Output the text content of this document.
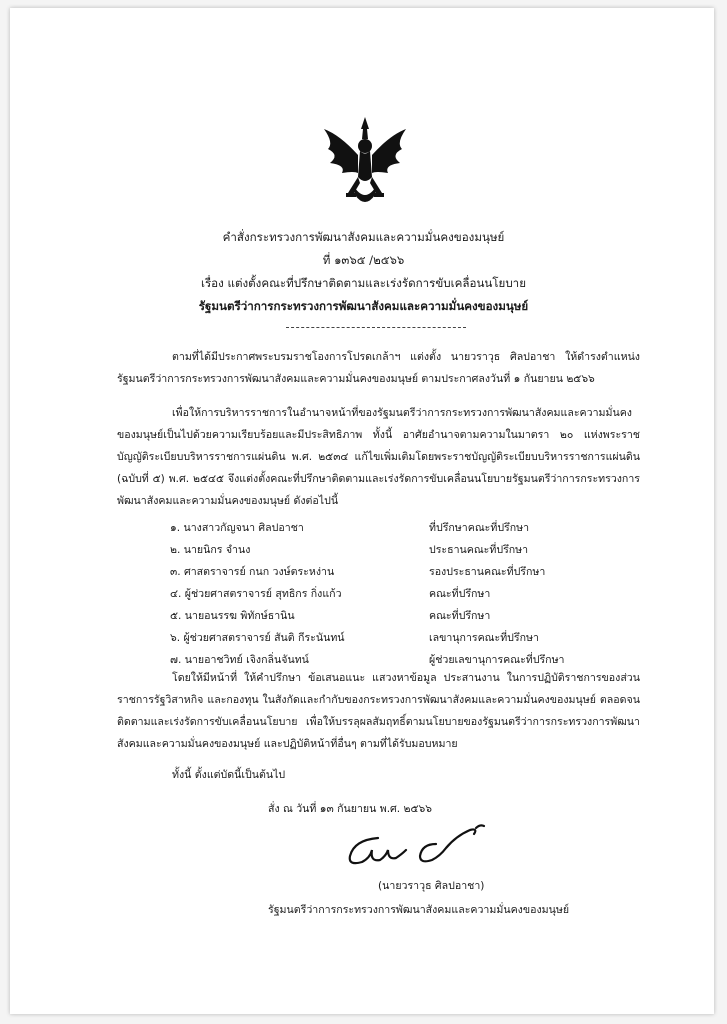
คำสั่งกระทรวงการพัฒนาสังคมและความมั่นคงของมนุษย์
ที่ ๑๓๖๕ /๒๕๖๖
เรื่อง แต่งตั้งคณะที่ปรึกษาติดตามและเร่งรัดการขับเคลื่อนนโยบาย
รัฐมนตรีว่าการกระทรวงการพัฒนาสังคมและความมั่นคงของมนุษย์
ตามที่ได้มีประกาศพระบรมราชโองการโปรดเกล้าฯ แต่งตั้ง นายวราวุธ ศิลปอาชา ให้ดำรงตำแหน่งรัฐมนตรีว่าการกระทรวงการพัฒนาสังคมและความมั่นคงของมนุษย์ ตามประกาศลงวันที่ ๑ กันยายน ๒๕๖๖
เพื่อให้การบริหารราชการในอำนาจหน้าที่ของรัฐมนตรีว่าการกระทรวงการพัฒนาสังคมและความมั่นคงของมนุษย์เป็นไปด้วยความเรียบร้อยและมีประสิทธิภาพ ทั้งนี้ อาศัยอำนาจตามความในมาตรา ๒๐ แห่งพระราชบัญญัติระเบียบบริหารราชการแผ่นดิน พ.ศ. ๒๕๓๔ แก้ไขเพิ่มเติมโดยพระราชบัญญัติระเบียบบริหารราชการแผ่นดิน (ฉบับที่ ๕) พ.ศ. ๒๕๔๕ จึงแต่งตั้งคณะที่ปรึกษาติดตามและเร่งรัดการขับเคลื่อนนโยบายรัฐมนตรีว่าการกระทรวงการพัฒนาสังคมและความมั่นคงของมนุษย์ ดังต่อไปนี้
๑. นางสาวกัญจนา ศิลปอาชา	ที่ปรึกษาคณะที่ปรึกษา
๒. นายนิกร จำนง	ประธานคณะที่ปรึกษา
๓. ศาสตราจารย์ กนก วงษ์ตระหง่าน	รองประธานคณะที่ปรึกษา
๔. ผู้ช่วยศาสตราจารย์ สุทธิกร กิ่งแก้ว	คณะที่ปรึกษา
๕. นายอนรรฆ พิทักษ์ธานิน	คณะที่ปรึกษา
๖. ผู้ช่วยศาสตราจารย์ สันติ กีระนันทน์	เลขานุการคณะที่ปรึกษา
๗. นายอาชวิทย์ เจิงกลิ่นจันทน์	ผู้ช่วยเลขานุการคณะที่ปรึกษา
โดยให้มีหน้าที่ ให้คำปรึกษา ข้อเสนอแนะ แสวงหาข้อมูล ประสานงาน ในการปฏิบัติราชการของส่วนราชการรัฐวิสาหกิจ และกองทุน ในสังกัดและกำกับของกระทรวงการพัฒนาสังคมและความมั่นคงของมนุษย์ ตลอดจนติดตามและเร่งรัดการขับเคลื่อนนโยบาย เพื่อให้บรรลุผลสัมฤทธิ์ตามนโยบายของรัฐมนตรีว่าการกระทรวงการพัฒนาสังคมและความมั่นคงของมนุษย์ และปฏิบัติหน้าที่อื่นๆ ตามที่ได้รับมอบหมาย
ทั้งนี้ ตั้งแต่บัดนี้เป็นต้นไป
สั่ง ณ วันที่ ๑๓ กันยายน พ.ศ. ๒๕๖๖
(นายวราวุธ ศิลปอาชา)
รัฐมนตรีว่าการกระทรวงการพัฒนาสังคมและความมั่นคงของมนุษย์
